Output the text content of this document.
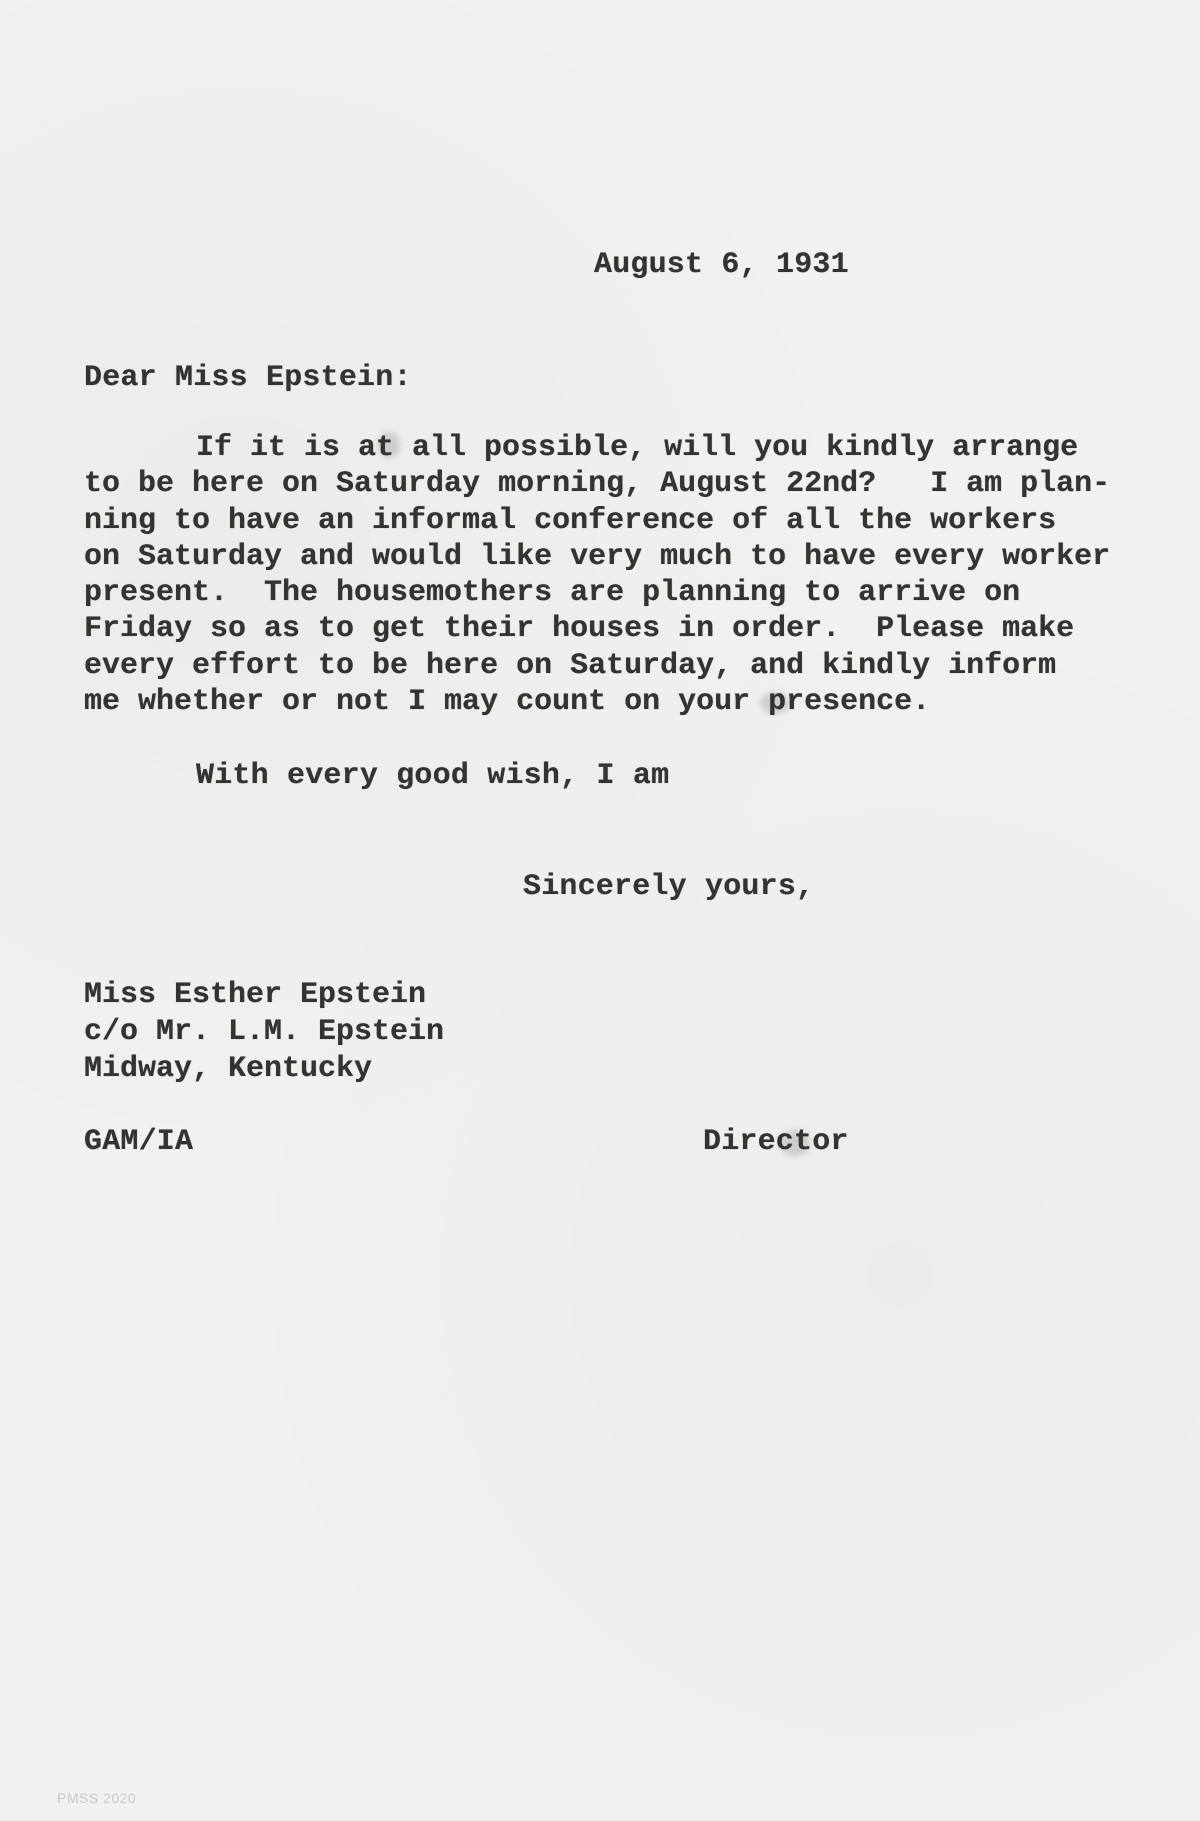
August 6, 1931
Dear Miss Epstein:
If it is at all possible, will you kindly arrange
to be here on Saturday morning, August 22nd?   I am plan-
ning to have an informal conference of all the workers
on Saturday and would like very much to have every worker
present.  The housemothers are planning to arrive on
Friday so as to get their houses in order.  Please make
every effort to be here on Saturday, and kindly inform
me whether or not I may count on your presence.
With every good wish, I am
Sincerely yours,
Miss Esther Epstein
c/o Mr. L.M. Epstein
Midway, Kentucky
GAM/IA	Director
PMSS 2020
